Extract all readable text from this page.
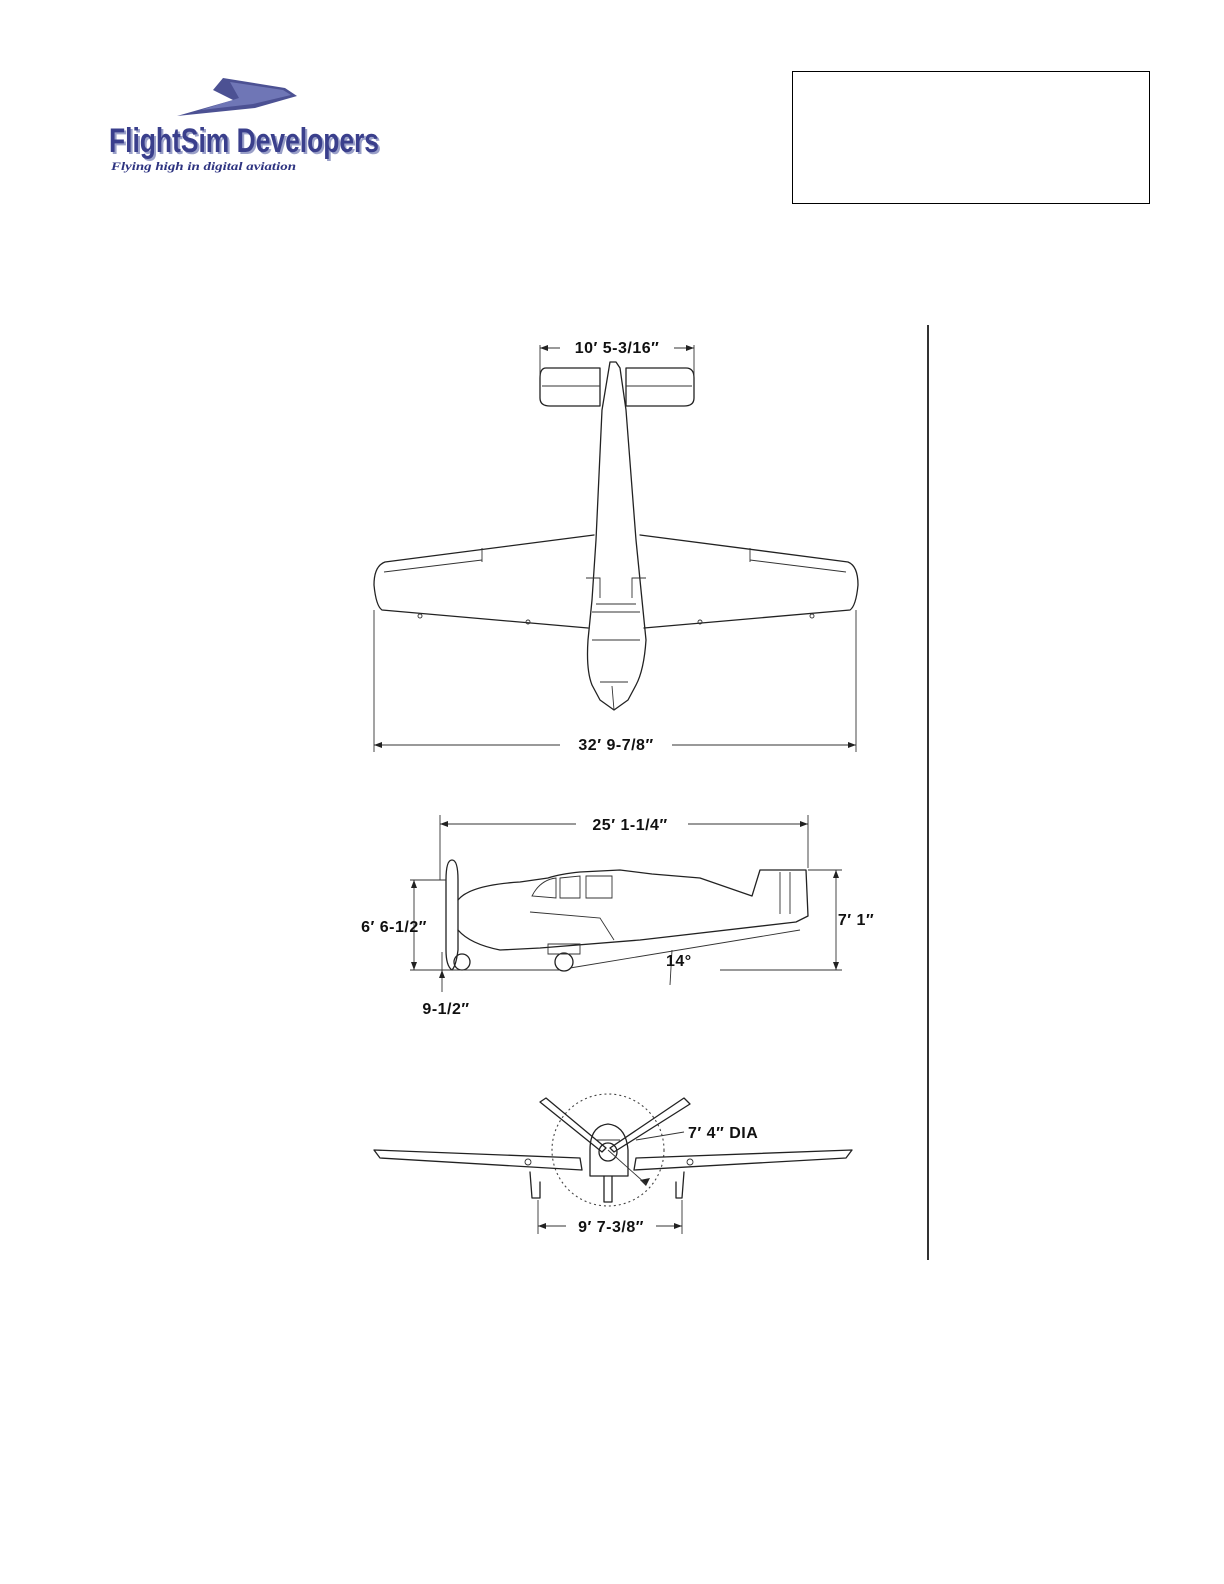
FlightSim Developers
FlightSim Developers
Flying high in digital aviation
10′ 5-3/16″
32′ 9-7/8″
14°
25′ 1-1/4″
6′ 6-1/2″	7′ 1″
9-1/2″
7′ 4″ DIA
9′ 7-3/8″
